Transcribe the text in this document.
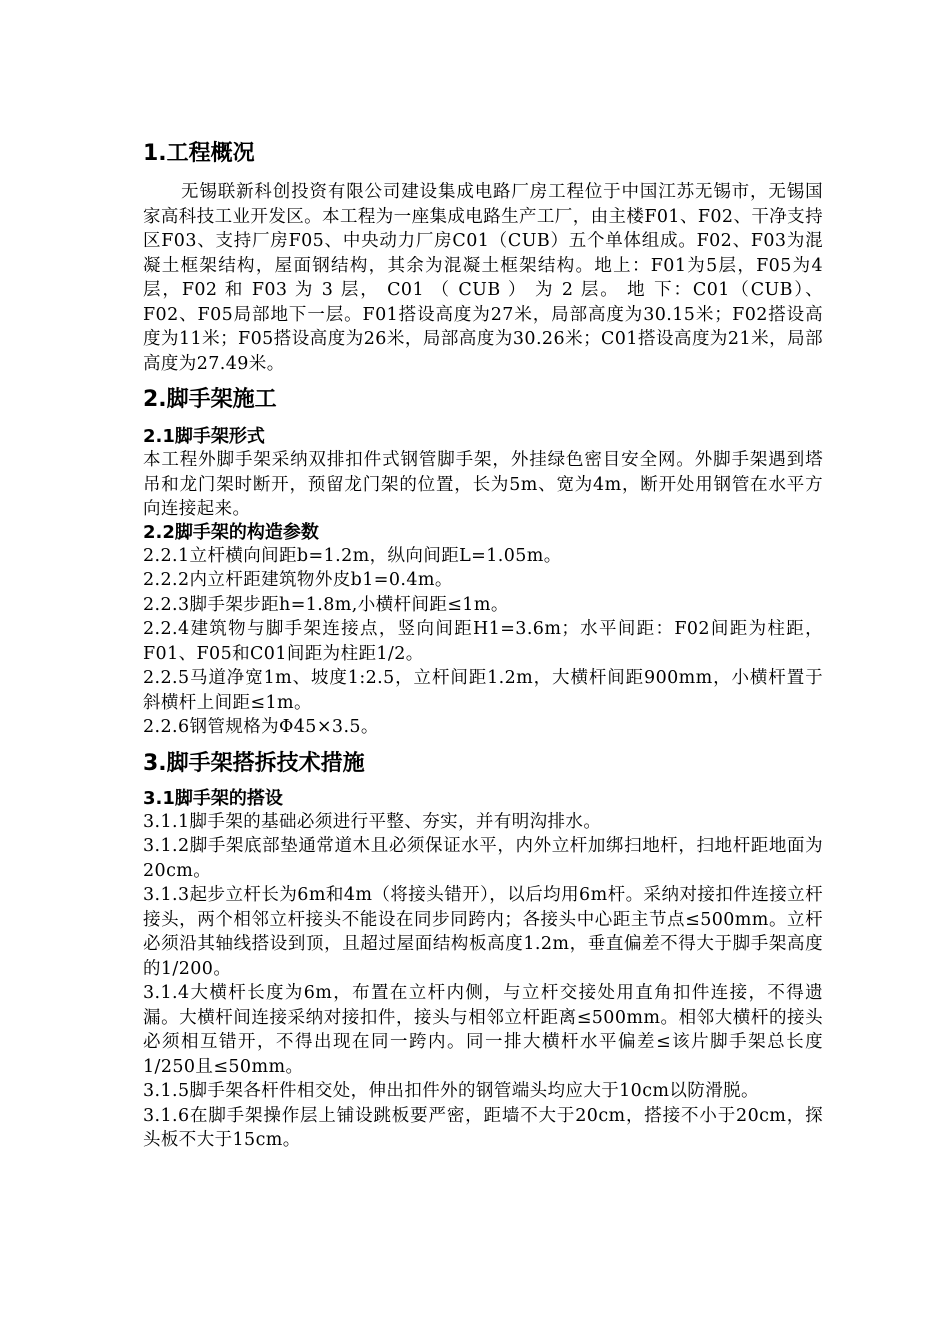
1.工程概况

无锡联新科创投资有限公司建设集成电路厂房工程位于中国江苏无锡市，无锡国家高科技工业开发区。本工程为一座集成电路生产工厂，由主楼F01、F02、干净支持区F03、支持厂房F05、中央动力厂房C01（CUB）五个单体组成。F02、F03为混凝土框架结构，屋面钢结构，其余为混凝土框架结构。地上：F01为5层，F05为4层，F02 和 F03 为 3 层， C01 （ CUB ） 为 2 层。 地 下：C01（CUB）、F02、F05局部地下一层。F01搭设高度为27米，局部高度为30.15米；F02搭设高度为11米；F05搭设高度为26米，局部高度为30.26米；C01搭设高度为21米，局部高度为27.49米。

2.脚手架施工
2.1脚手架形式

本工程外脚手架采纳双排扣件式钢管脚手架，外挂绿色密目安全网。外脚手架遇到塔吊和龙门架时断开，预留龙门架的位置，长为5m、宽为4m，断开处用钢管在水平方向连接起来。

2.2脚手架的构造参数

2.2.1立杆横向间距b=1.2m，纵向间距L=1.05m。

2.2.2内立杆距建筑物外皮b1=0.4m。

2.2.3脚手架步距h=1.8m,小横杆间距≤1m。

2.2.4建筑物与脚手架连接点，竖向间距H1=3.6m；水平间距：F02间距为柱距，F01、F05和C01间距为柱距1/2。

2.2.5马道净宽1m、坡度1:2.5，立杆间距1.2m，大横杆间距900mm，小横杆置于斜横杆上间距≤1m。

2.2.6钢管规格为Φ45×3.5。

3.脚手架搭拆技术措施
3.1脚手架的搭设

3.1.1脚手架的基础必须进行平整、夯实，并有明沟排水。

3.1.2脚手架底部垫通常道木且必须保证水平，内外立杆加绑扫地杆，扫地杆距地面为20cm。

3.1.3起步立杆长为6m和4m（将接头错开），以后均用6m杆。采纳对接扣件连接立杆接头，两个相邻立杆接头不能设在同步同跨内；各接头中心距主节点≤500mm。立杆必须沿其轴线搭设到顶，且超过屋面结构板高度1.2m，垂直偏差不得大于脚手架高度的1/200。

3.1.4大横杆长度为6m，布置在立杆内侧，与立杆交接处用直角扣件连接，不得遗漏。大横杆间连接采纳对接扣件，接头与相邻立杆距离≤500mm。相邻大横杆的接头必须相互错开，不得出现在同一跨内。同一排大横杆水平偏差≤该片脚手架总长度1/250且≤50mm。

3.1.5脚手架各杆件相交处，伸出扣件外的钢管端头均应大于10cm以防滑脱。

3.1.6在脚手架操作层上铺设跳板要严密，距墙不大于20cm，搭接不小于20cm，探头板不大于15cm。
